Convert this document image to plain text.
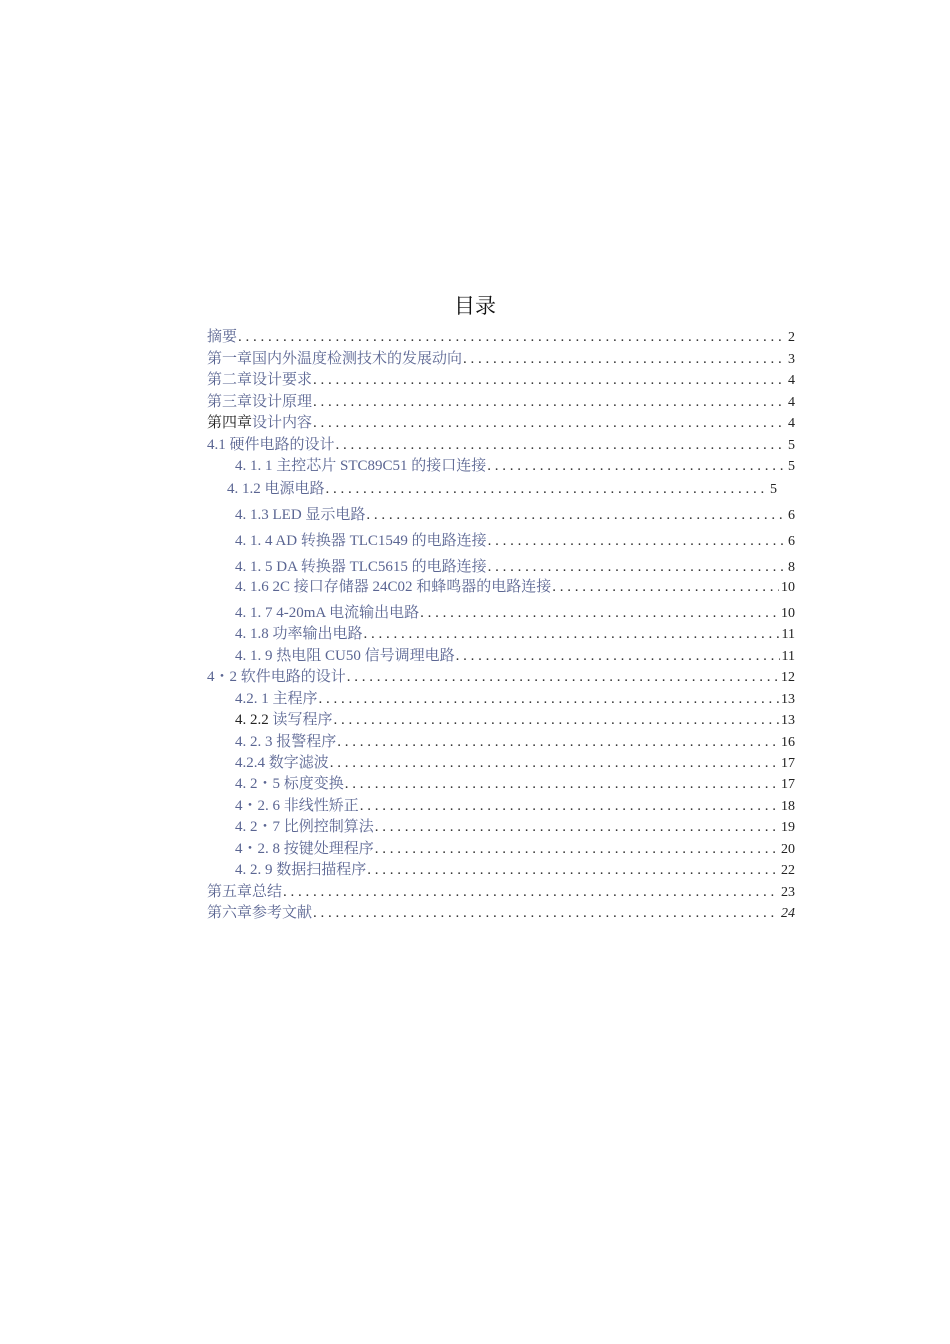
目录
摘要 . . .	2
第一章国内外温度检测技术的发展动向 . . .	3
第二章设计要求 . . .	4
第三章设计原理 . . .	4
第四章设计内容 . . .	4
4.1 硬件电路的设计 . . .	5
4. 1. 1 主控芯片 STC89C51 的接口连接 . . .	5
4. 1.2 电源电路 . . .	5
4. 1.3 LED 显示电路 . . .	6
4. 1. 4 AD 转换器 TLC1549 的电路连接 . . .	6
4. 1. 5 DA 转换器 TLC5615 的电路连接 . . .	8
4. 1.6 2C 接口存储器 24C02 和蜂鸣器的电路连接 . . .	10
4. 1. 7 4-20mA 电流输出电路 . . .	10
4. 1.8 功率输出电路 . . .	11
4. 1. 9 热电阻 CU50 信号调理电路 . . .	11
4・2 软件电路的设计 . . .	12
4.2. 1 主程序 . . .	13
4. 2.2 读写程序 . . .	13
4. 2. 3 报警程序 . . .	16
4.2.4 数字滤波 . . .	17
4. 2・5 标度变换 . . .	17
4・2. 6 非线性矫正 . . .	18
4. 2・7 比例控制算法 . . .	19
4・2. 8 按键处理程序 . . .	20
4. 2. 9 数据扫描程序 . . .	22
第五章总结 . . .	23
第六章参考文献 . . .	24
